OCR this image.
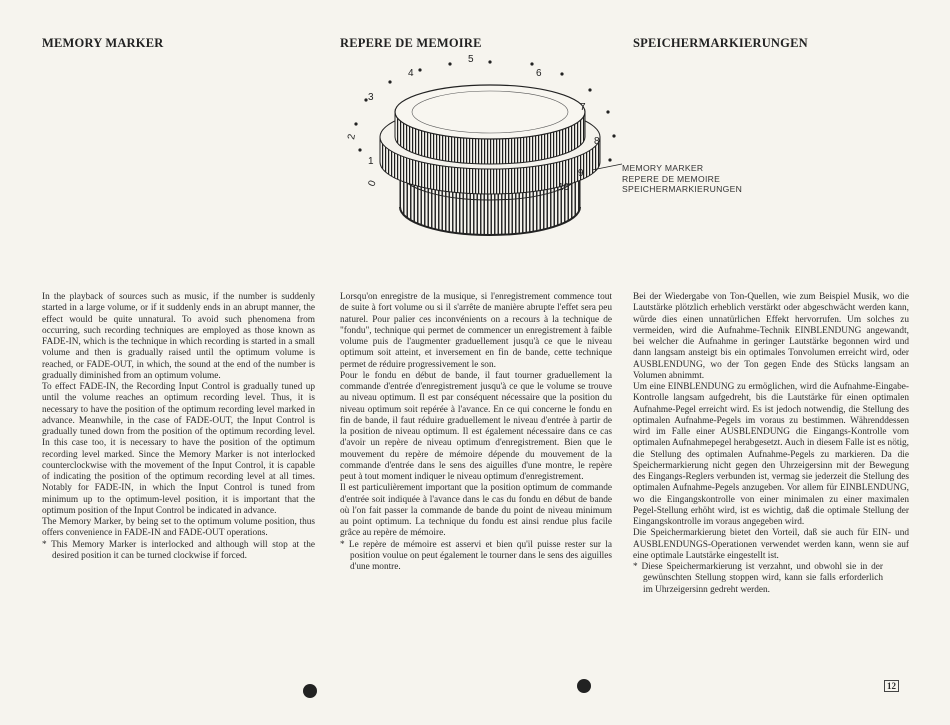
MEMORY MARKER	REPERE DE MEMOIRE	SPEICHERMARKIERUNGEN
0
1
2
3
4
5
6
7
8
9
10
MEMORY MARKER
REPERE DE MEMOIRE
SPEICHERMARKIERUNGEN

In the playback of sources such as music, if the number is suddenly started in a large volume, or if it suddenly ends in an abrupt manner, the effect would be quite unnatural. To avoid such phenomena from occurring, such recording techniques are employed as those known as FADE-IN, which is the technique in which recording is started in a small volume and then is gradually raised until the optimum volume is reached, or FADE-OUT, in which, the sound at the end of the number is gradually diminished from an optimum volume.

To effect FADE-IN, the Recording Input Control is gradually tuned up until the volume reaches an optimum recording level. Thus, it is necessary to have the position of the optimum recording level marked in advance. Meanwhile, in the case of FADE-OUT, the Input Control is gradually tuned down from the position of the optimum recording level. In this case too, it is necessary to have the position of the optimum recording level marked. Since the Memory Marker is not interlocked counterclockwise with the movement of the Input Control, it is capable of indicating the position of the optimum recording level at all times. Notably for FADE-IN, in which the Input Control is tuned from minimum up to the optimum-level position, it is important that the optimum position of the Input Control be indicated in advance.

The Memory Marker, by being set to the optimum volume position, thus offers convenience in FADE-IN and FADE-OUT operations.

* This Memory Marker is interlocked and although will stop at the desired position it can be turned clockwise if forced.

Lorsqu'on enregistre de la musique, si l'enregistrement commence tout de suite à fort volume ou si il s'arrête de manière abrupte l'effet sera peu naturel. Pour palier ces inconvénients on a recours à la technique de "fondu", technique qui permet de commencer un enregistrement à faible volume puis de l'augmenter graduellement jusqu'à ce que le niveau optimum soit atteint, et inversement en fin de bande, cette technique permet de réduire progressivement le son.

Pour le fondu en début de bande, il faut tourner graduellement la commande d'entrée d'enregistrement jusqu'à ce que le volume se trouve au niveau optimum. Il est par conséquent nécessaire que la position du niveau optimum soit repérée à l'avance. En ce qui concerne le fondu en fin de bande, il faut réduire graduellement le niveau d'entrée à partir de la position de niveau optimum. Il est également nécessaire dans ce cas d'avoir un repère de niveau optimum d'enregistrement. Bien que le mouvement du repère de mémoire dépende du mouvement de la commande d'entrée dans le sens des aiguilles d'une montre, le repère peut à tout moment indiquer le niveau optimum d'enregistrement.

Il est particulièrement important que la position optimum de commande d'entrée soit indiquée à l'avance dans le cas du fondu en début de bande où l'on fait passer la commande de bande du point de niveau minimum au point optimum. La technique du fondu est ainsi rendue plus facile grâce au repère de mémoire.

* Le repère de mémoire est asservi et bien qu'il puisse rester sur la position voulue on peut également le tourner dans le sens des aiguilles d'une montre.

Bei der Wiedergabe von Ton-Quellen, wie zum Beispiel Musik, wo die Lautstärke plötzlich erheblich verstärkt oder abgeschwächt werden kann, würde dies einen unnatürlichen Effekt hervorrufen. Um solches zu vermeiden, wird die Aufnahme-Technik EINBLENDUNG angewandt, bei welcher die Aufnahme in geringer Lautstärke begonnen wird und dann langsam ansteigt bis ein optimales Tonvolumen erreicht wird, oder AUSBLENDUNG, wo der Ton gegen Ende des Stücks langsam an Volumen abnimmt.

Um eine EINBLENDUNG zu ermöglichen, wird die Aufnahme-Eingabe-Kontrolle langsam aufgedreht, bis die Lautstärke für einen optimalen Aufnahme-Pegel erreicht wird. Es ist jedoch notwendig, die Stellung des optimalen Aufnahme-Pegels im voraus zu bestimmen. Währenddessen wird im Falle einer AUSBLENDUNG die Eingangs-Kontrolle vom optimalen Aufnahmepegel herabgesetzt. Auch in diesem Falle ist es nötig, die Stellung des optimalen Aufnahme-Pegels zu markieren. Da die Speichermarkierung nicht gegen den Uhrzeigersinn mit der Bewegung des Eingangs-Reglers verbunden ist, vermag sie jederzeit die Stellung des optimalen Aufnahme-Pegels anzugeben. Vor allem für EINBLENDUNG, wo die Eingangskontrolle von einer minimalen zu einer maximalen Pegel-Stellung erhöht wird, ist es wichtig, daß die optimale Stellung der Eingangskontrolle im voraus angegeben wird.

Die Speichermarkierung bietet den Vorteil, daß sie auch für EIN- und AUSBLENDUNGS-Operationen verwendet werden kann, wenn sie auf eine optimale Lautstärke eingestellt ist.

* Diese Speichermarkierung ist verzahnt, und obwohl sie in der gewünschten Stellung stoppen wird, kann sie falls erforderlich im Uhrzeigersinn gedreht werden.

12
